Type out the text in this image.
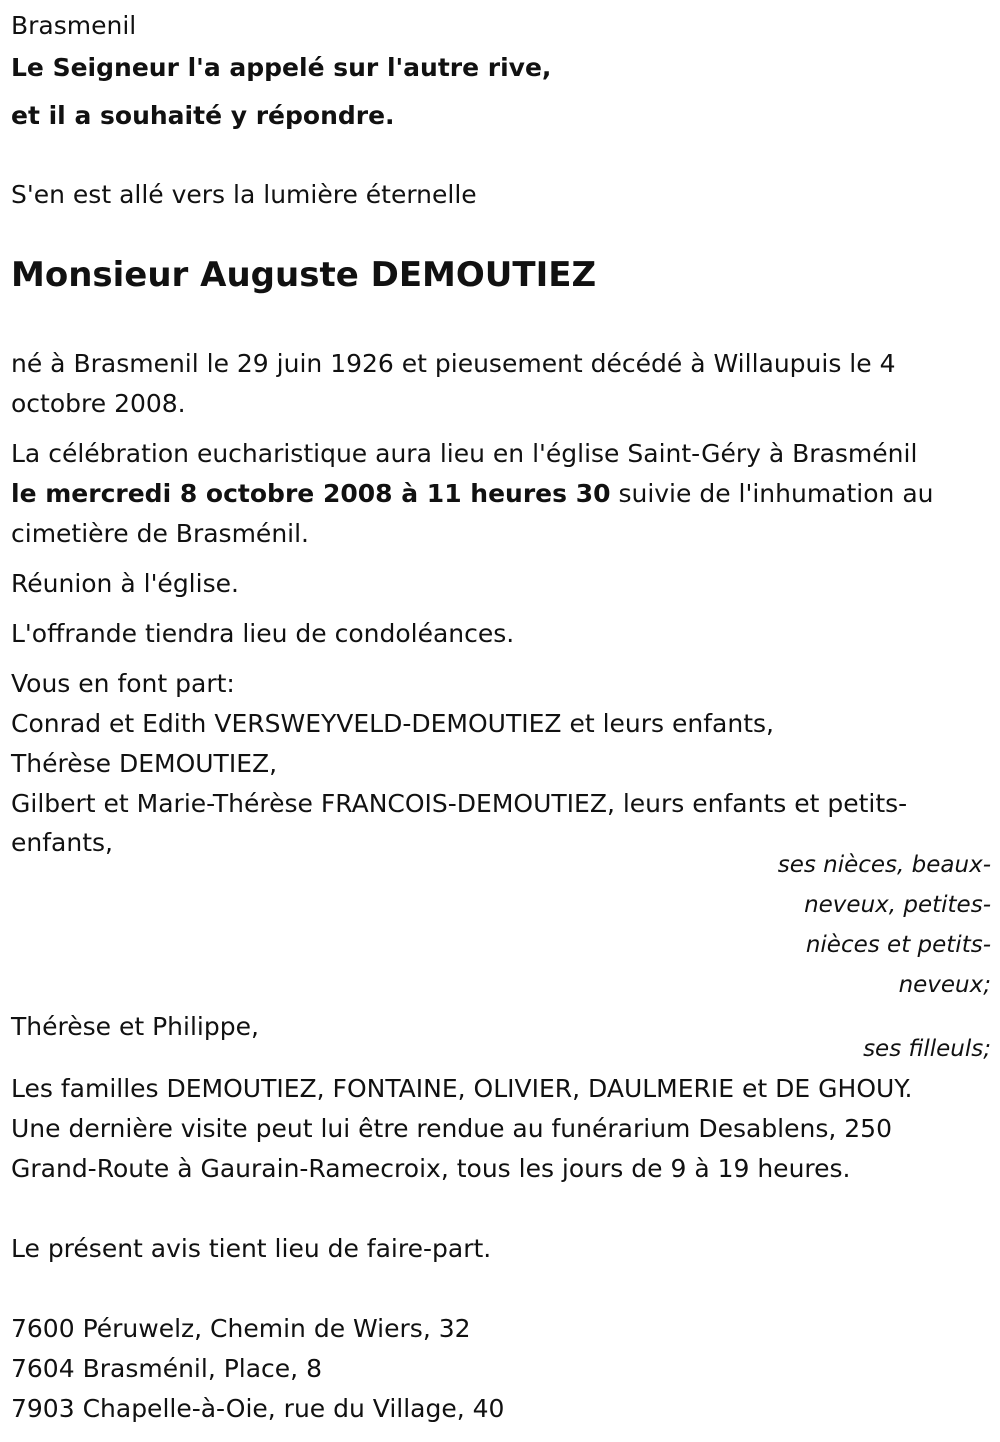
Brasmenil
Le Seigneur l'a appelé sur l'autre rive,
et il a souhaité y répondre.
S'en est allé vers la lumière éternelle
Monsieur Auguste DEMOUTIEZ
né à Brasmenil le 29 juin 1926 et pieusement décédé à Willaupuis le 4
octobre 2008.
La célébration eucharistique aura lieu en l'église Saint-Géry à Brasménil
le mercredi 8 octobre 2008 à 11 heures 30 suivie de l'inhumation au
cimetière de Brasménil.
Réunion à l'église.
L'offrande tiendra lieu de condoléances.
Vous en font part:
Conrad et Edith VERSWEYVELD-DEMOUTIEZ et leurs enfants,
Thérèse DEMOUTIEZ,
Gilbert et Marie-Thérèse FRANCOIS-DEMOUTIEZ, leurs enfants et petits-
enfants,
ses nièces, beaux-
neveux, petites-
nièces et petits-
neveux;
Thérèse et Philippe,
ses filleuls;
Les familles DEMOUTIEZ, FONTAINE, OLIVIER, DAULMERIE et DE GHOUY.
Une dernière visite peut lui être rendue au funérarium Desablens, 250
Grand-Route à Gaurain-Ramecroix, tous les jours de 9 à 19 heures.
Le présent avis tient lieu de faire-part.
7600 Péruwelz, Chemin de Wiers, 32
7604 Brasménil, Place, 8
7903 Chapelle-à-Oie, rue du Village, 40
